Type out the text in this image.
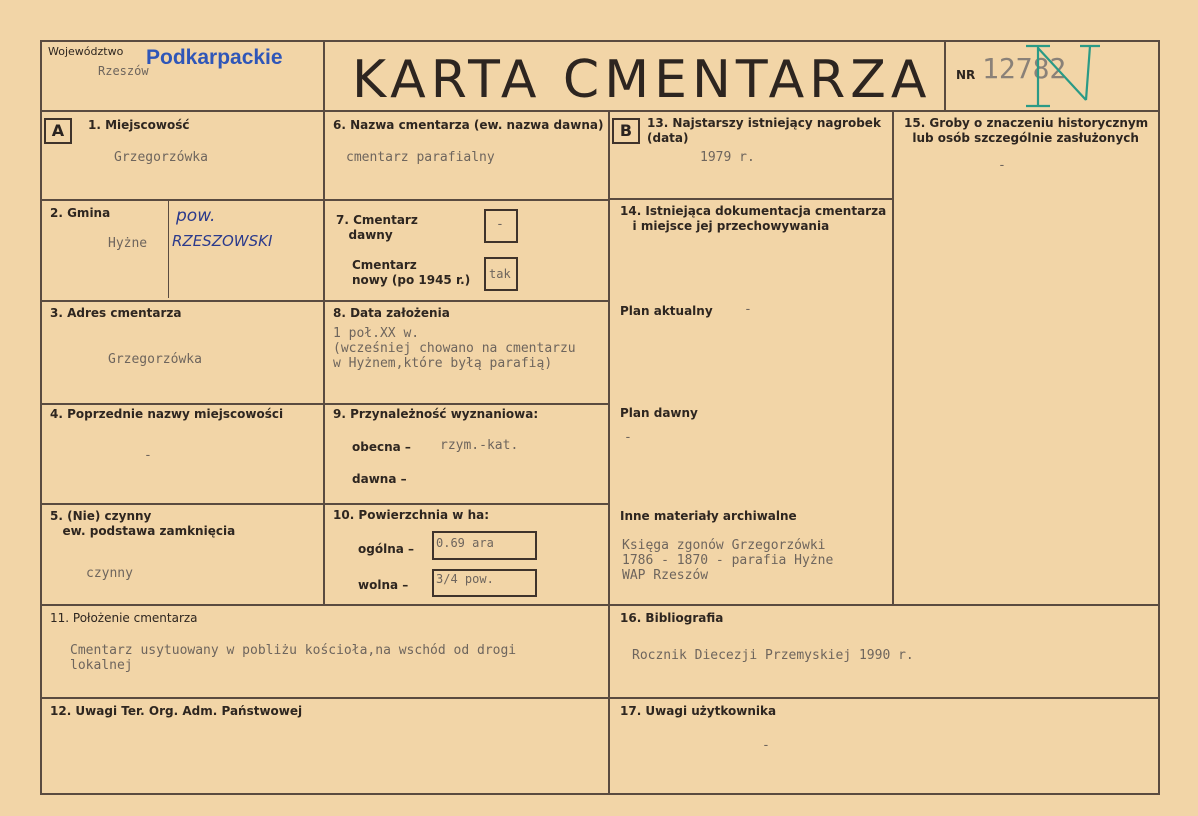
Województwo
Rzeszów
Podkarpackie KARTA CMENTARZA NR 12782
A	B
1. Miejscowość
Grzegorzówka
6. Nazwa cmentarza (ew. nazwa dawna)
cmentarz parafialny
13. Najstarszy istniejący nagrobek
(data)
1979 r.
15. Groby o znaczeniu historycznym
lub osób szczególnie zasłużonych
-
2. Gmina
Hyżne
pow.
RZESZOWSKI
7. Cmentarz
dawny
-
Cmentarz
nowy (po 1945 r.) tak
14. Istniejąca dokumentacja cmentarza
i miejsce jej przechowywania
3. Adres cmentarza
Grzegorzówka
8. Data założenia
1 poł.XX w.
(wcześniej chowano na cmentarzu
w Hyżnem,które byłą parafią)
Plan aktualny -
4. Poprzednie nazwy miejscowości
-
9. Przynależność wyznaniowa:
obecna – rzym.-kat.
dawna –
Plan dawny
-
5. (Nie) czynny
ew. podstawa zamknięcia
czynny
10. Powierzchnia w ha:
ogólna – 0.69 ara
wolna – 3/4 pow.
Inne materiały archiwalne
Księga zgonów Grzegorzówki
1786 - 1870 - parafia Hyżne
WAP Rzeszów
11. Położenie cmentarza
Cmentarz usytuowany w pobliżu kościoła,na wschód od drogi
lokalnej
16. Bibliografia
Rocznik Diecezji Przemyskiej 1990 r.
12. Uwagi Ter. Org. Adm. Państwowej	17. Uwagi użytkownika
-
